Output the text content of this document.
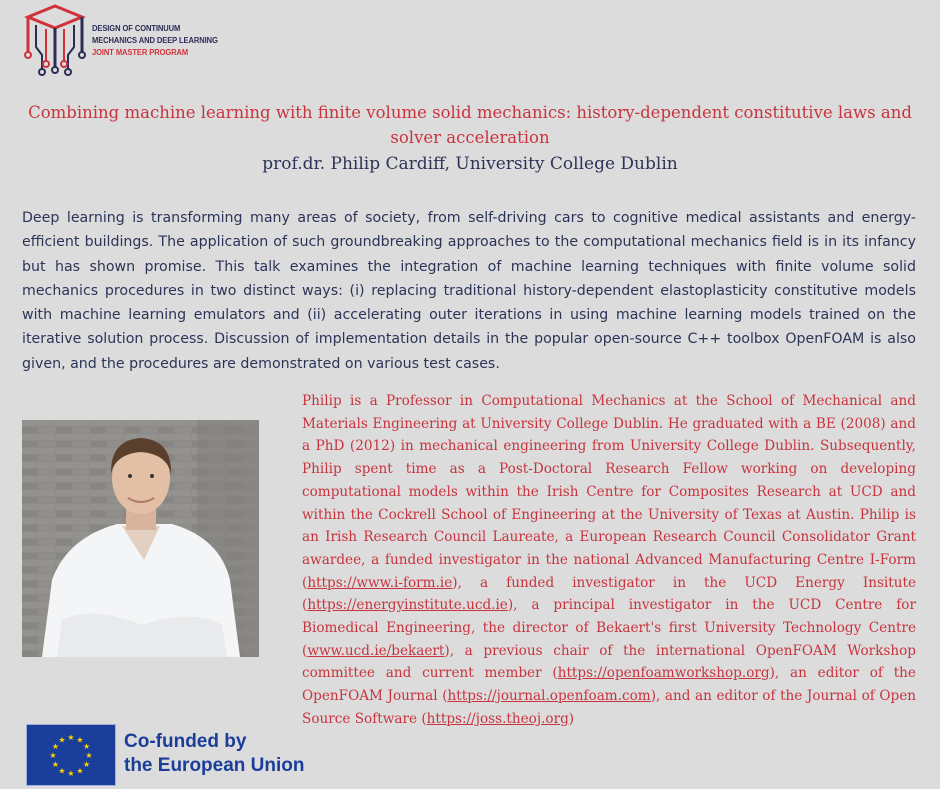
DESIGN OF CONTINUUM
MECHANICS AND DEEP LEARNING
JOINT MASTER PROGRAM
Combining machine learning with finite volume solid mechanics: history-dependent constitutive laws and solver acceleration
prof.dr. Philip Cardiff, University College Dublin
Deep learning is transforming many areas of society, from self-driving cars to cognitive medical assistants and energy-efficient buildings. The application of such groundbreaking approaches to the computational mechanics field is in its infancy but has shown promise. This talk examines the integration of machine learning techniques with finite volume solid mechanics procedures in two distinct ways: (i) replacing traditional history-dependent elastoplasticity constitutive models with machine learning emulators and (ii) accelerating outer iterations in using machine learning models trained on the iterative solution process. Discussion of implementation details in the popular open-source C++ toolbox OpenFOAM is also given, and the procedures are demonstrated on various test cases.
Philip is a Professor in Computational Mechanics at the School of Mechanical and Materials Engineering at University College Dublin. He graduated with a BE (2008) and a PhD (2012) in mechanical engineering from University College Dublin. Subsequently, Philip spent time as a Post-Doctoral Research Fellow working on developing computational models within the Irish Centre for Composites Research at UCD and within the Cockrell School of Engineering at the University of Texas at Austin. Philip is an Irish Research Council Laureate, a European Research Council Consolidator Grant awardee, a funded investigator in the national Advanced Manufacturing Centre I-Form (https://www.i-form.ie), a funded investigator in the UCD Energy Insitute (https://energyinstitute.ucd.ie), a principal investigator in the UCD Centre for Biomedical Engineering, the director of Bekaert's first University Technology Centre (www.ucd.ie/bekaert), a previous chair of the international OpenFOAM Workshop committee and current member (https://openfoamworkshop.org), an editor of the OpenFOAM Journal (https://journal.openfoam.com), and an editor of the Journal of Open Source Software (https://joss.theoj.org)
★ ★
★
★
★
★
★
★
★
★
★
★	Co-funded by
the European Union
